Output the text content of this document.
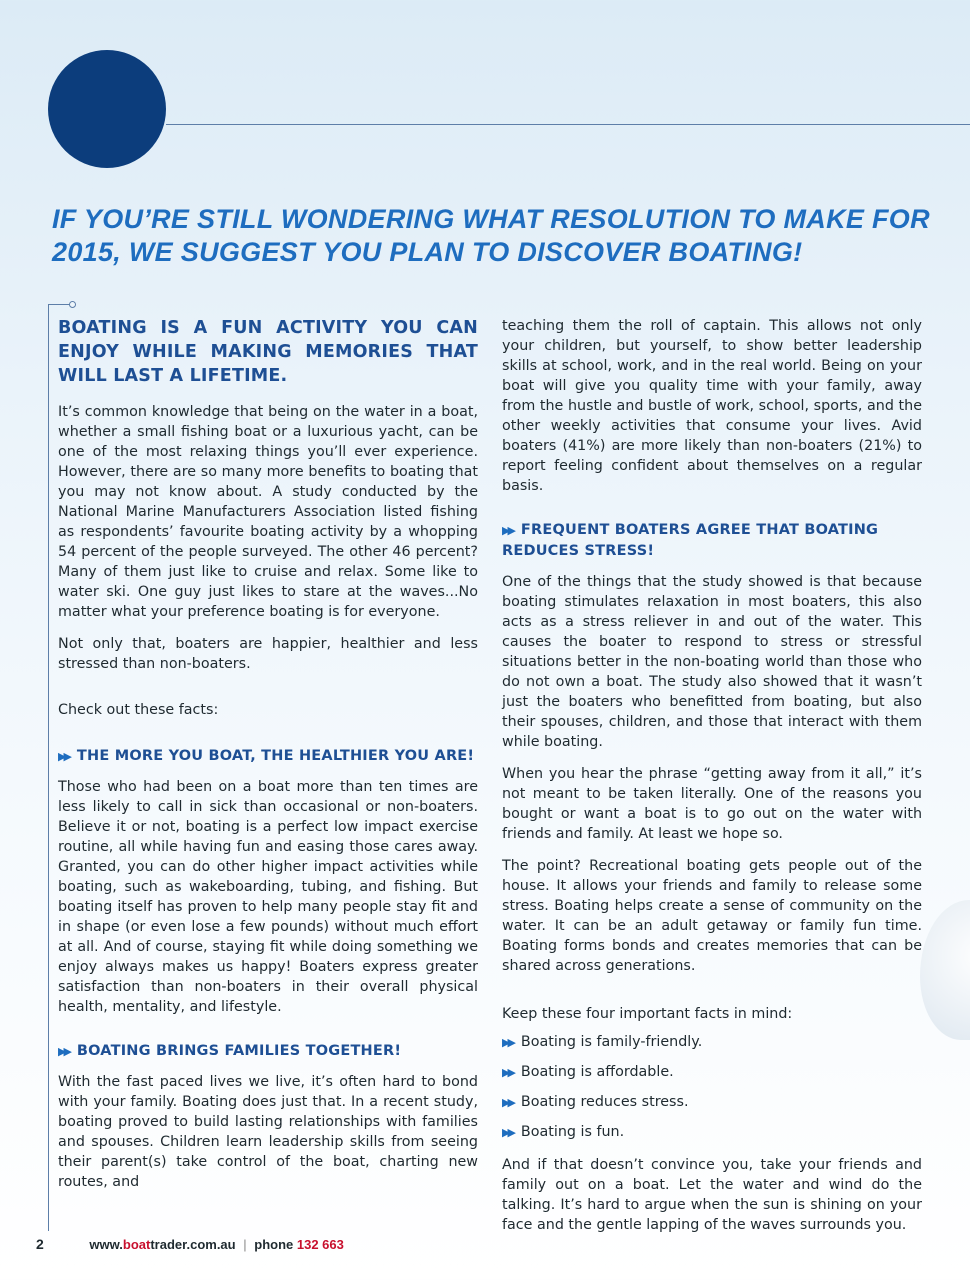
IF YOU’RE STILL WONDERING WHAT RESOLUTION TO MAKE FOR 2015, WE SUGGEST YOU PLAN TO DISCOVER BOATING!
BOATING IS A FUN ACTIVITY YOU CAN ENJOY WHILE MAKING MEMORIES THAT WILL LAST A LIFETIME.

It’s common knowledge that being on the water in a boat, whether a small fishing boat or a luxurious yacht, can be one of the most relaxing things you’ll ever experience. However, there are so many more benefits to boating that you may not know about. A study conducted by the National Marine Manufacturers Association listed fishing as respondents’ favourite boating activity by a whopping 54 percent of the people surveyed. The other 46 percent? Many of them just like to cruise and relax. Some like to water ski. One guy just likes to stare at the waves...No matter what your preference boating is for everyone.

Not only that, boaters are happier, healthier and less stressed than non-boaters.

Check out these facts:

▶▶ THE MORE YOU BOAT, THE HEALTHIER YOU ARE!

Those who had been on a boat more than ten times are less likely to call in sick than occasional or non-boaters. Believe it or not, boating is a perfect low impact exercise routine, all while having fun and easing those cares away. Granted, you can do other higher impact activities while boating, such as wakeboarding, tubing, and fishing. But boating itself has proven to help many people stay fit and in shape (or even lose a few pounds) without much effort at all. And of course, staying fit while doing something we enjoy always makes us happy! Boaters express greater satisfaction than non-boaters in their overall physical health, mentality, and lifestyle.

▶▶ BOATING BRINGS FAMILIES TOGETHER!

With the fast paced lives we live, it’s often hard to bond with your family. Boating does just that. In a recent study, boating proved to build lasting relationships with families and spouses. Children learn leadership skills from seeing their parent(s) take control of the boat, charting new routes, and

teaching them the roll of captain. This allows not only your children, but yourself, to show better leadership skills at school, work, and in the real world. Being on your boat will give you quality time with your family, away from the hustle and bustle of work, school, sports, and the other weekly activities that consume your lives. Avid boaters (41%) are more likely than non-boaters (21%) to report feeling confident about themselves on a regular basis.

▶▶ FREQUENT BOATERS AGREE THAT BOATING REDUCES STRESS!

One of the things that the study showed is that because boating stimulates relaxation in most boaters, this also acts as a stress reliever in and out of the water. This causes the boater to respond to stress or stressful situations better in the non-boating world than those who do not own a boat. The study also showed that it wasn’t just the boaters who benefitted from boating, but also their spouses, children, and those that interact with them while boating.

When you hear the phrase “getting away from it all,” it’s not meant to be taken literally. One of the reasons you bought or want a boat is to go out on the water with friends and family. At least we hope so.

The point? Recreational boating gets people out of the house. It allows your friends and family to release some stress. Boating helps create a sense of community on the water. It can be an adult getaway or family fun time. Boating forms bonds and creates memories that can be shared across generations.

Keep these four important facts in mind:

▶▶ Boating is family-friendly.
▶▶ Boating is affordable.
▶▶ Boating reduces stress.
▶▶ Boating is fun.

And if that doesn’t convince you, take your friends and family out on a boat. Let the water and wind do the talking. It’s hard to argue when the sun is shining on your face and the gentle lapping of the waves surrounds you.

2	www.boattrader.com.au | phone 132 663
